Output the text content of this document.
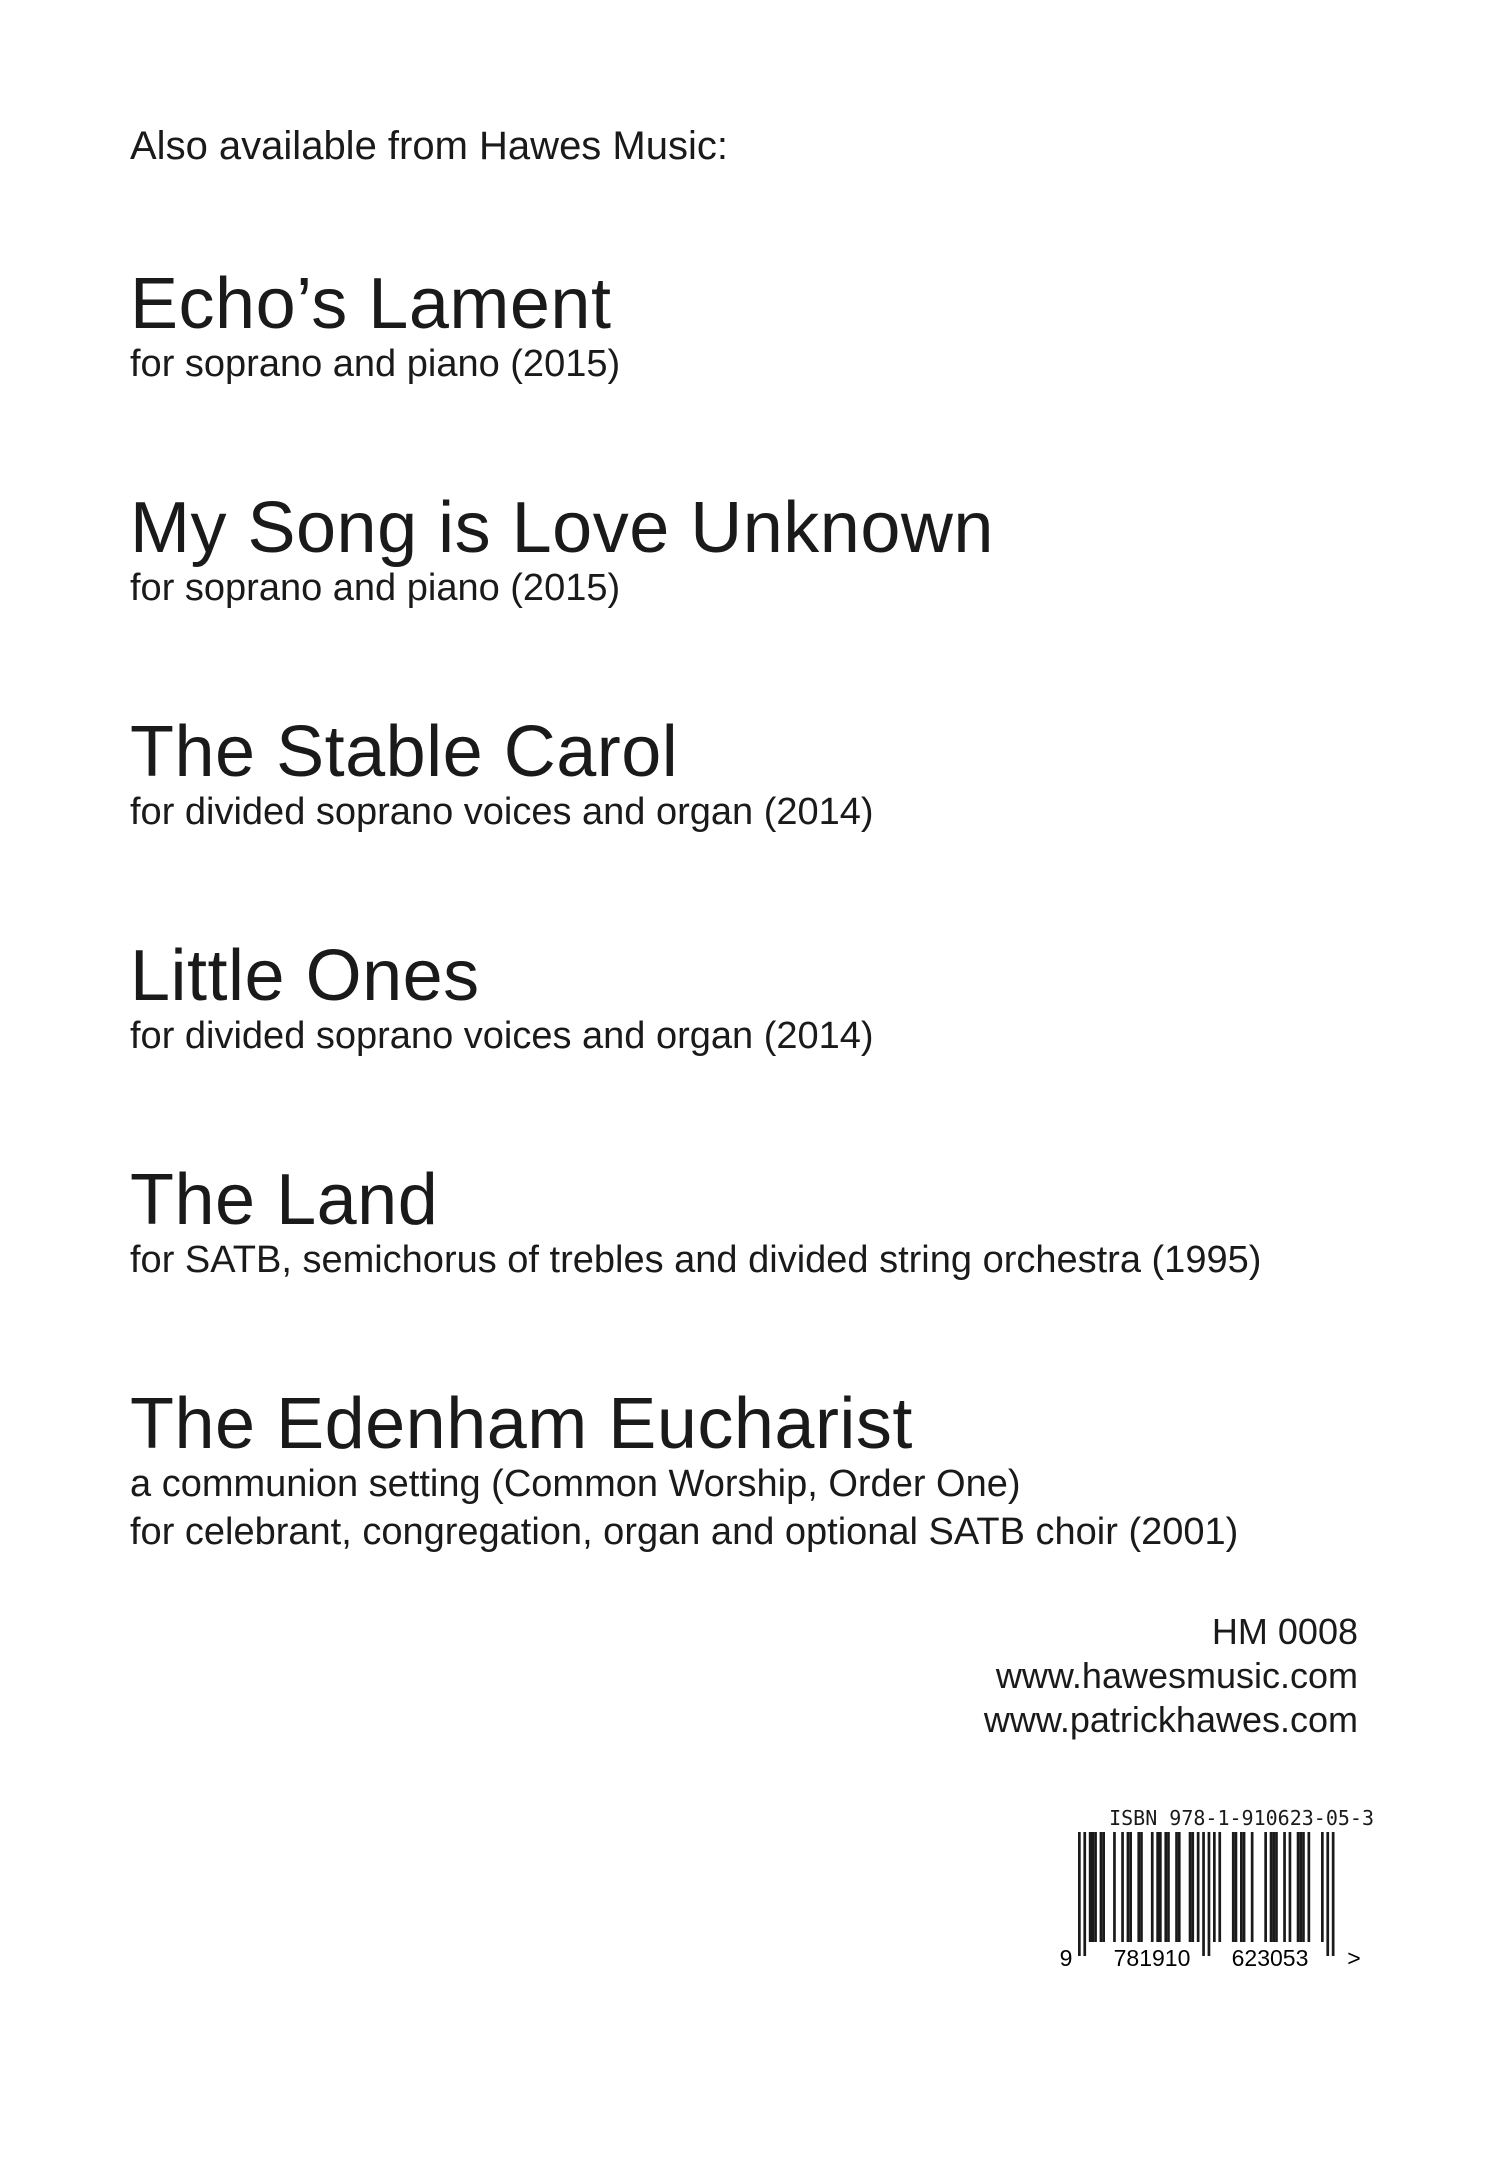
Also available from Hawes Music:
Echo’s Lament
for soprano and piano (2015)
My Song is Love Unknown
for soprano and piano (2015)
The Stable Carol
for divided soprano voices and organ (2014)
Little Ones
for divided soprano voices and organ (2014)
The Land
for SATB, semichorus of trebles and divided string orchestra (1995)
The Edenham Eucharist
a communion setting (Common Worship, Order One)
for celebrant, congregation, organ and optional SATB choir (2001)
HM 0008
www.hawesmusic.com
www.patrickhawes.com
ISBN 978-1-910623-05-3
9 781910 623053 >
